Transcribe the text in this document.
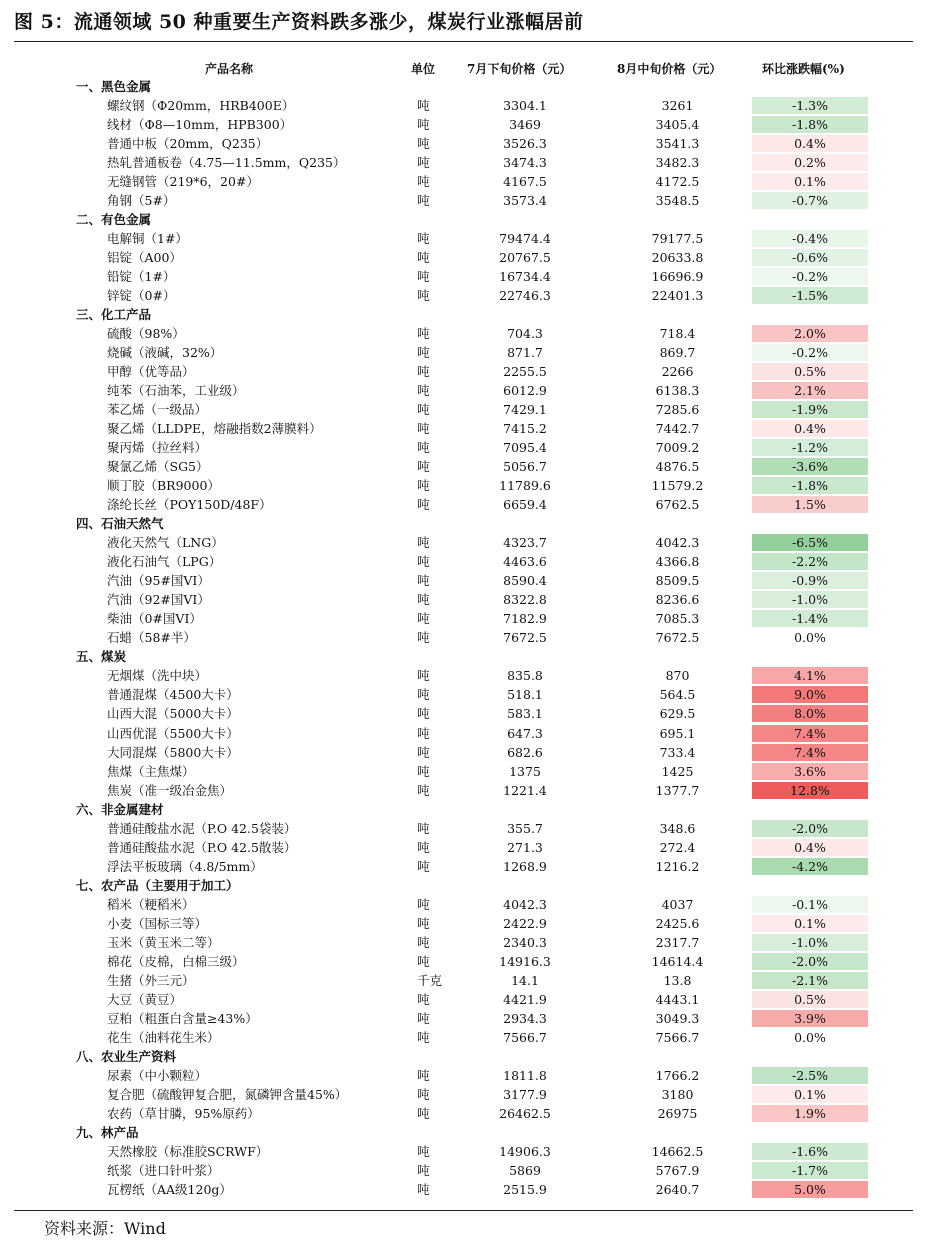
图 5：流通领域 50 种重要生产资料跌多涨少，煤炭行业涨幅居前
产品名称	单位	7月下旬价格（元）	8月中旬价格（元）	环比涨跌幅(%)
一、黑色金属
螺纹钢（Φ20mm，HRB400E）	吨	3304.1	3261	-1.3%
线材（Φ8—10mm，HPB300）	吨	3469	3405.4	-1.8%
普通中板（20mm，Q235）	吨	3526.3	3541.3	0.4%
热轧普通板卷（4.75—11.5mm，Q235）	吨	3474.3	3482.3	0.2%
无缝钢管（219*6，20#）	吨	4167.5	4172.5	0.1%
角钢（5#）	吨	3573.4	3548.5	-0.7%
二、有色金属
电解铜（1#）	吨	79474.4	79177.5	-0.4%
铝锭（A00）	吨	20767.5	20633.8	-0.6%
铅锭（1#）	吨	16734.4	16696.9	-0.2%
锌锭（0#）	吨	22746.3	22401.3	-1.5%
三、化工产品
硫酸（98%）	吨	704.3	718.4	2.0%
烧碱（液碱，32%）	吨	871.7	869.7	-0.2%
甲醇（优等品）	吨	2255.5	2266	0.5%
纯苯（石油苯，工业级）	吨	6012.9	6138.3	2.1%
苯乙烯（一级品）	吨	7429.1	7285.6	-1.9%
聚乙烯（LLDPE，熔融指数2薄膜料）	吨	7415.2	7442.7	0.4%
聚丙烯（拉丝料）	吨	7095.4	7009.2	-1.2%
聚氯乙烯（SG5）	吨	5056.7	4876.5	-3.6%
顺丁胶（BR9000）	吨	11789.6	11579.2	-1.8%
涤纶长丝（POY150D/48F）	吨	6659.4	6762.5	1.5%
四、石油天然气
液化天然气（LNG）	吨	4323.7	4042.3	-6.5%
液化石油气（LPG）	吨	4463.6	4366.8	-2.2%
汽油（95#国VI）	吨	8590.4	8509.5	-0.9%
汽油（92#国VI）	吨	8322.8	8236.6	-1.0%
柴油（0#国VI）	吨	7182.9	7085.3	-1.4%
石蜡（58#半）	吨	7672.5	7672.5	0.0%
五、煤炭
无烟煤（洗中块）	吨	835.8	870	4.1%
普通混煤（4500大卡）	吨	518.1	564.5	9.0%
山西大混（5000大卡）	吨	583.1	629.5	8.0%
山西优混（5500大卡）	吨	647.3	695.1	7.4%
大同混煤（5800大卡）	吨	682.6	733.4	7.4%
焦煤（主焦煤）	吨	1375	1425	3.6%
焦炭（准一级冶金焦）	吨	1221.4	1377.7	12.8%
六、非金属建材
普通硅酸盐水泥（P.O 42.5袋装）	吨	355.7	348.6	-2.0%
普通硅酸盐水泥（P.O 42.5散装）	吨	271.3	272.4	0.4%
浮法平板玻璃（4.8/5mm）	吨	1268.9	1216.2	-4.2%
七、农产品（主要用于加工）
稻米（粳稻米）	吨	4042.3	4037	-0.1%
小麦（国标三等）	吨	2422.9	2425.6	0.1%
玉米（黄玉米二等）	吨	2340.3	2317.7	-1.0%
棉花（皮棉，白棉三级）	吨	14916.3	14614.4	-2.0%
生猪（外三元）	千克	14.1	13.8	-2.1%
大豆（黄豆）	吨	4421.9	4443.1	0.5%
豆粕（粗蛋白含量≥43%）	吨	2934.3	3049.3	3.9%
花生（油料花生米）	吨	7566.7	7566.7	0.0%
八、农业生产资料
尿素（中小颗粒）	吨	1811.8	1766.2	-2.5%
复合肥（硫酸钾复合肥，氮磷钾含量45%）	吨	3177.9	3180	0.1%
农药（草甘膦，95%原药）	吨	26462.5	26975	1.9%
九、林产品
天然橡胶（标准胶SCRWF）	吨	14906.3	14662.5	-1.6%
纸浆（进口针叶浆）	吨	5869	5767.9	-1.7%
瓦楞纸（AA级120g）	吨	2515.9	2640.7	5.0%
资料来源：Wind
